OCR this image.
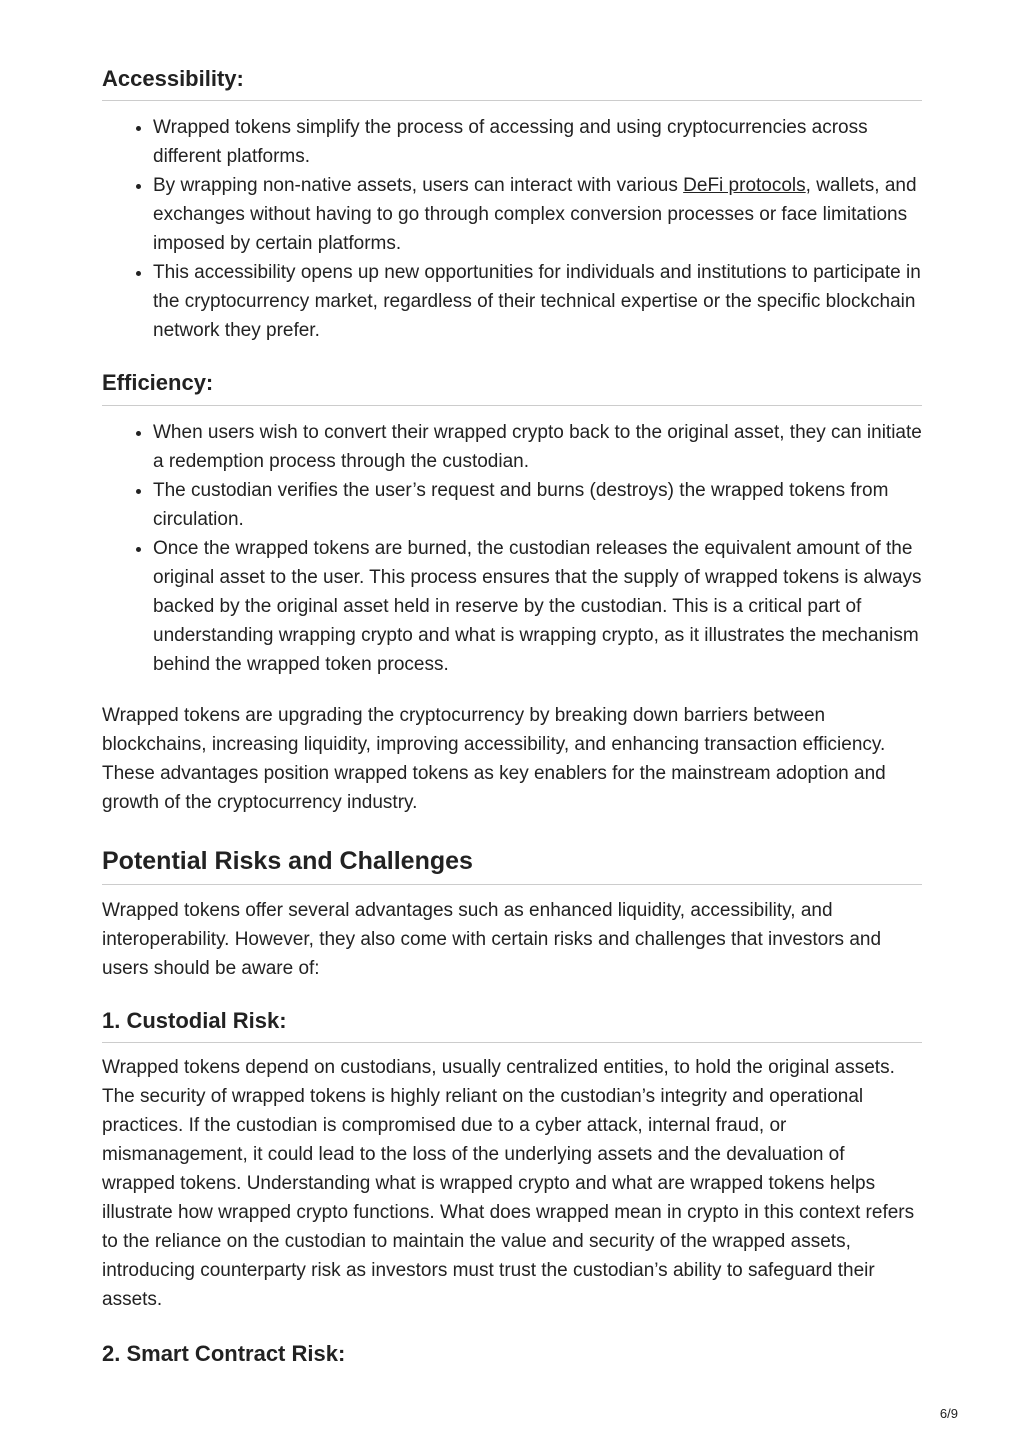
Accessibility:
• Wrapped tokens simplify the process of accessing and using cryptocurrencies across different platforms.
• By wrapping non-native assets, users can interact with various DeFi protocols, wallets, and exchanges without having to go through complex conversion processes or face limitations imposed by certain platforms.
• This accessibility opens up new opportunities for individuals and institutions to participate in the cryptocurrency market, regardless of their technical expertise or the specific blockchain network they prefer.
Efficiency:
• When users wish to convert their wrapped crypto back to the original asset, they can initiate a redemption process through the custodian.
• The custodian verifies the user’s request and burns (destroys) the wrapped tokens from circulation.
• Once the wrapped tokens are burned, the custodian releases the equivalent amount of the original asset to the user. This process ensures that the supply of wrapped tokens is always backed by the original asset held in reserve by the custodian. This is a critical part of understanding wrapping crypto and what is wrapping crypto, as it illustrates the mechanism behind the wrapped token process.

Wrapped tokens are upgrading the cryptocurrency by breaking down barriers between blockchains, increasing liquidity, improving accessibility, and enhancing transaction efficiency. These advantages position wrapped tokens as key enablers for the mainstream adoption and growth of the cryptocurrency industry.

Potential Risks and Challenges

Wrapped tokens offer several advantages such as enhanced liquidity, accessibility, and interoperability. However, they also come with certain risks and challenges that investors and users should be aware of:

1. Custodial Risk:

Wrapped tokens depend on custodians, usually centralized entities, to hold the original assets. The security of wrapped tokens is highly reliant on the custodian’s integrity and operational practices. If the custodian is compromised due to a cyber attack, internal fraud, or mismanagement, it could lead to the loss of the underlying assets and the devaluation of wrapped tokens. Understanding what is wrapped crypto and what are wrapped tokens helps illustrate how wrapped crypto functions. What does wrapped mean in crypto in this context refers to the reliance on the custodian to maintain the value and security of the wrapped assets, introducing counterparty risk as investors must trust the custodian’s ability to safeguard their assets.

2. Smart Contract Risk:
6/9
